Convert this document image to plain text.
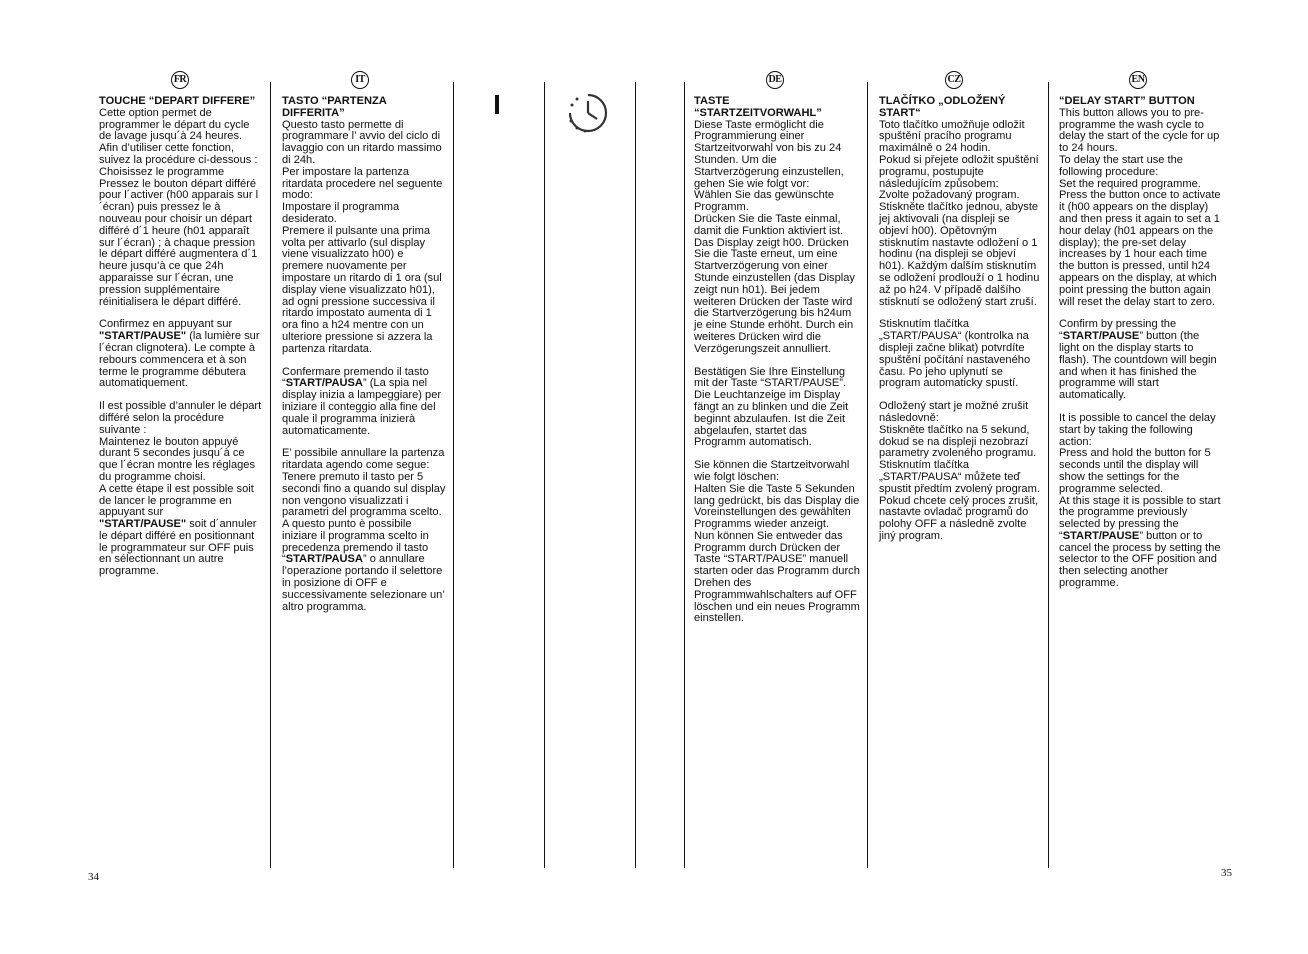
FR	IT	DE	CZ	EN

TOUCHE “DEPART DIFFERE”
Cette option permet de programmer le départ du cycle de lavage jusqu´à 24 heures.
Afin d’utiliser cette fonction, suivez la procédure ci-dessous :
Choisissez le programme
Pressez le bouton départ différé pour l´activer (h00 apparais sur l´écran) puis pressez le à nouveau pour choisir un départ différé d´1 heure (h01 apparaît sur l´écran) ; à chaque pression le départ différé augmentera d´1 heure jusqu’à ce que 24h apparaisse sur l´écran, une pression supplémentaire réinitialisera le départ différé.

Confirmez en appuyant sur "START/PAUSE" (la lumière sur l´écran clignotera). Le compte à rebours commencera et à son terme le programme débutera automatiquement.

Il est possible d’annuler le départ différé selon la procédure suivante :
Maintenez le bouton appuyé durant 5 secondes jusqu´à ce que l´écran montre les réglages du programme choisi.
A cette étape il est possible soit de lancer le programme en appuyant sur
"START/PAUSE" soit d´annuler le départ différé en positionnant le programmateur sur OFF puis en sélectionnant un autre programme.

TASTO “PARTENZA DIFFERITA”
Questo tasto permette di programmare l’ avvio del ciclo di lavaggio con un ritardo massimo di 24h.
Per impostare la partenza ritardata procedere nel seguente modo:
Impostare il programma desiderato.
Premere il pulsante una prima volta per attivarlo (sul display viene visualizzato h00) e premere nuovamente per impostare un ritardo di 1 ora (sul display viene visualizzato h01), ad ogni pressione successiva il ritardo impostato aumenta di 1 ora fino a h24 mentre con un ulteriore pressione si azzera la partenza ritardata.

Confermare premendo il tasto “START/PAUSA” (La spia nel display inizia a lampeggiare) per iniziare il conteggio alla fine del quale il programma inizierà automaticamente.

E’ possibile annullare la partenza ritardata agendo come segue:
Tenere premuto il tasto per 5 secondi fino a quando sul display non vengono visualizzati i parametri del programma scelto.
A questo punto è possibile iniziare il programma scelto in precedenza premendo il tasto “START/PAUSA” o annullare l’operazione portando il selettore in posizione di OFF e successivamente selezionare un’ altro programma.

TASTE “STARTZEITVORWAHL”
Diese Taste ermöglicht die Programmierung einer Startzeitvorwahl von bis zu 24 Stunden. Um die Startverzögerung einzustellen, gehen Sie wie folgt vor:
Wählen Sie das gewünschte Programm.
Drücken Sie die Taste einmal, damit die Funktion aktiviert ist. Das Display zeigt h00. Drücken Sie die Taste erneut, um eine Startverzögerung von einer Stunde einzustellen (das Display zeigt nun h01). Bei jedem weiteren Drücken der Taste wird die Startverzögerung bis h24um je eine Stunde erhöht. Durch ein weiteres Drücken wird die Verzögerungszeit annulliert.

Bestätigen Sie Ihre Einstellung mit der Taste “START/PAUSE”. Die Leuchtanzeige im Display fängt an zu blinken und die Zeit beginnt abzulaufen. Ist die Zeit abgelaufen, startet das Programm automatisch.

Sie können die Startzeitvorwahl wie folgt löschen:
Halten Sie die Taste 5 Sekunden lang gedrückt, bis das Display die Voreinstellungen des gewählten Programms wieder anzeigt.
Nun können Sie entweder das Programm durch Drücken der Taste “START/PAUSE” manuell starten oder das Programm durch Drehen des Programmwahlschalters auf OFF löschen und ein neues Programm einstellen.

TLAČÍTKO „ODLOŽENÝ START“
Toto tlačítko umožňuje odložit spuštění pracího programu maximálně o 24 hodin.
Pokud si přejete odložit spuštění programu, postupujte následujícím způsobem:
Zvolte požadovaný program. Stiskněte tlačítko jednou, abyste jej aktivovali (na displeji se objeví h00). Opětovným stisknutím nastavte odložení o 1 hodinu (na displeji se objeví h01). Každým dalším stisknutím se odložení prodlouží o 1 hodinu až po h24. V případě dalšího stisknutí se odložený start zruší.

Stisknutím tlačítka „START/PAUSA“ (kontrolka na displeji začne blikat) potvrdíte spuštění počítání nastaveného času. Po jeho uplynutí se program automaticky spustí.

Odložený start je možné zrušit následovně:
Stiskněte tlačítko na 5 sekund, dokud se na displeji nezobrazí parametry zvoleného programu.
Stisknutím tlačítka „START/PAUSA“ můžete teď spustit předtím zvolený program. Pokud chcete celý proces zrušit, nastavte ovladač programů do polohy OFF a následně zvolte jiný program.

“DELAY START” BUTTON
This button allows you to pre-programme the wash cycle to delay the start of the cycle for up to 24 hours.
To delay the start use the following procedure:
Set the required programme.
Press the button once to activate it (h00 appears on the display) and then press it again to set a 1 hour delay (h01 appears on the display); the pre-set delay increases by 1 hour each time the button is pressed, until h24 appears on the display, at which point pressing the button again will reset the delay start to zero.

Confirm by pressing the “START/PAUSE” button (the light on the display starts to flash). The countdown will begin and when it has finished the programme will start automatically.

It is possible to cancel the delay start by taking the following action:
Press and hold the button for 5 seconds until the display will show the settings for the programme selected.
At this stage it is possible to start the programme previously selected by pressing the “START/PAUSE” button or to cancel the process by setting the selector to the OFF position and then selecting another programme.

34	35
